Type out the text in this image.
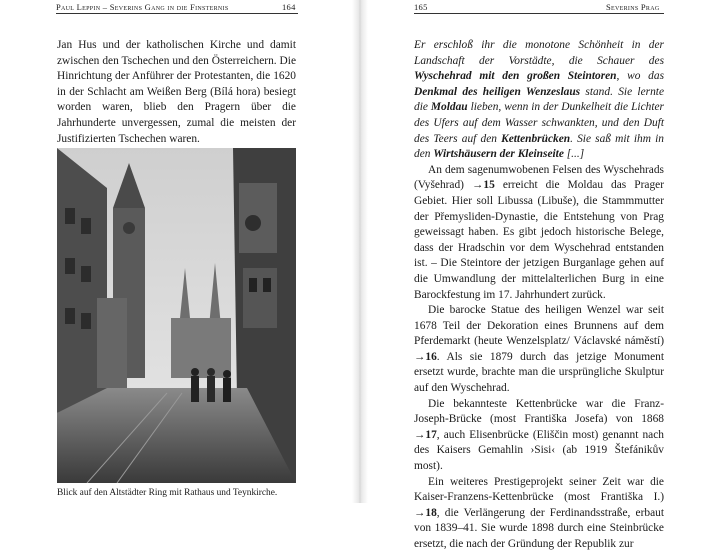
Paul Leppin – Severins Gang in die Finsternis	164	165	Severins Prag
Jan Hus und der katholischen Kirche und damit zwischen den Tschechen und den Österreichern. Die Hinrichtung der Anführer der Protestanten, die 1620 in der Schlacht am Weißen Berg (Bílá hora) besiegt worden waren, blieb den Pragern über die Jahrhunderte unvergessen, zumal die meisten der Justifizierten Tschechen waren.
Blick auf den Altstädter Ring mit Rathaus und Teynkirche.

Er erschloß ihr die monotone Schönheit in der Landschaft der Vorstädte, die Schauer des Wyschehrad mit den großen Steintoren, wo das Denkmal des heiligen Wenzeslaus stand. Sie lernte die Moldau lieben, wenn in der Dunkelheit die Lichter des Ufers auf dem Wasser schwankten, und den Duft des Teers auf den Kettenbrücken. Sie saß mit ihm in den Wirtshäusern der Kleinseite [...]

An dem sagenumwobenen Felsen des Wyschehrads (Vyšehrad) →15 erreicht die Moldau das Prager Gebiet. Hier soll Libussa (Libuše), die Stammmutter der Přemysliden-Dynastie, die Entstehung von Prag geweissagt haben. Es gibt jedoch historische Belege, dass der Hradschin vor dem Wyschehrad entstanden ist. – Die Steintore der jetzigen Burganlage gehen auf die Umwandlung der mittelalterlichen Burg in eine Barockfestung im 17. Jahrhundert zurück.

Die barocke Statue des heiligen Wenzel war seit 1678 Teil der Dekoration eines Brunnens auf dem Pferdemarkt (heute Wenzelsplatz/ Václavské náměstí) →16. Als sie 1879 durch das jetzige Monument ersetzt wurde, brachte man die ursprüngliche Skulptur auf den Wyschehrad.

Die bekannteste Kettenbrücke war die Franz-Joseph-Brücke (most Františka Josefa) von 1868 →17, auch Elisenbrücke (Eliščin most) genannt nach des Kaisers Gemahlin ›Sisi‹ (ab 1919 Štefánikův most).

Ein weiteres Prestigeprojekt seiner Zeit war die Kaiser-Franzens-Kettenbrücke (most Františka I.) →18, die Verlängerung der Ferdinandsstraße, erbaut von 1839–41. Sie wurde 1898 durch eine Steinbrücke ersetzt, die nach der Gründung der Republik zur
